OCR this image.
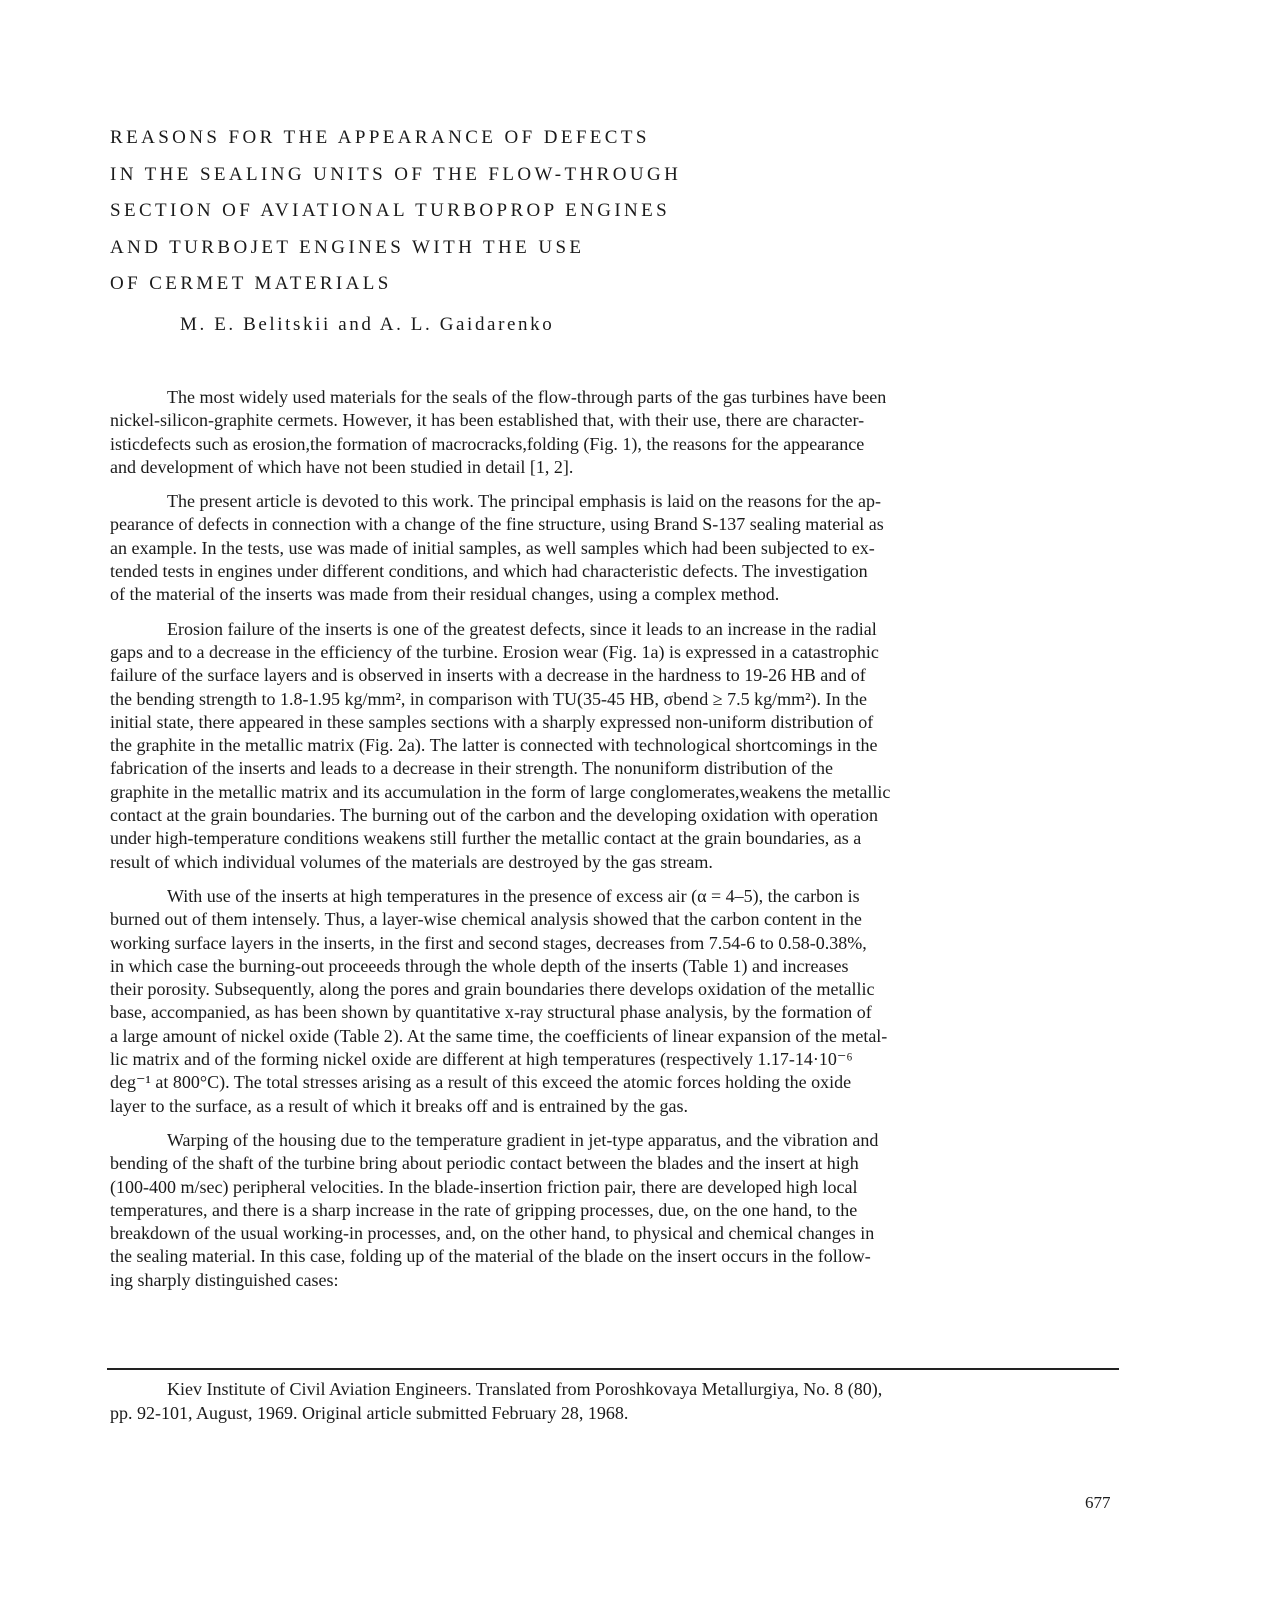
REASONS FOR THE APPEARANCE OF DEFECTS
IN THE SEALING UNITS OF THE FLOW-THROUGH
SECTION OF AVIATIONAL TURBOPROP ENGINES
AND TURBOJET ENGINES WITH THE USE
OF CERMET MATERIALS
M. E. Belitskii and A. L. Gaidarenko

The most widely used materials for the seals of the flow-through parts of the gas turbines have been
nickel-silicon-graphite cermets. However, it has been established that, with their use, there are character-
isticdefects such as erosion,the formation of macrocracks,folding (Fig. 1), the reasons for the appearance
and development of which have not been studied in detail [1, 2].

The present article is devoted to this work. The principal emphasis is laid on the reasons for the ap-
pearance of defects in connection with a change of the fine structure, using Brand S-137 sealing material as
an example. In the tests, use was made of initial samples, as well samples which had been subjected to ex-
tended tests in engines under different conditions, and which had characteristic defects. The investigation
of the material of the inserts was made from their residual changes, using a complex method.

Erosion failure of the inserts is one of the greatest defects, since it leads to an increase in the radial
gaps and to a decrease in the efficiency of the turbine. Erosion wear (Fig. 1a) is expressed in a catastrophic
failure of the surface layers and is observed in inserts with a decrease in the hardness to 19-26 HB and of
the bending strength to 1.8-1.95 kg/mm², in comparison with TU(35-45 HB, σbend ≥ 7.5 kg/mm²). In the
initial state, there appeared in these samples sections with a sharply expressed non-uniform distribution of
the graphite in the metallic matrix (Fig. 2a). The latter is connected with technological shortcomings in the
fabrication of the inserts and leads to a decrease in their strength. The nonuniform distribution of the
graphite in the metallic matrix and its accumulation in the form of large conglomerates,weakens the metallic
contact at the grain boundaries. The burning out of the carbon and the developing oxidation with operation
under high-temperature conditions weakens still further the metallic contact at the grain boundaries, as a
result of which individual volumes of the materials are destroyed by the gas stream.

With use of the inserts at high temperatures in the presence of excess air (α = 4–5), the carbon is
burned out of them intensely. Thus, a layer-wise chemical analysis showed that the carbon content in the
working surface layers in the inserts, in the first and second stages, decreases from 7.54-6 to 0.58-0.38%,
in which case the burning-out proceeeds through the whole depth of the inserts (Table 1) and increases
their porosity. Subsequently, along the pores and grain boundaries there develops oxidation of the metallic
base, accompanied, as has been shown by quantitative x-ray structural phase analysis, by the formation of
a large amount of nickel oxide (Table 2). At the same time, the coefficients of linear expansion of the metal-
lic matrix and of the forming nickel oxide are different at high temperatures (respectively 1.17-14·10⁻⁶
deg⁻¹ at 800°C). The total stresses arising as a result of this exceed the atomic forces holding the oxide
layer to the surface, as a result of which it breaks off and is entrained by the gas.

Warping of the housing due to the temperature gradient in jet-type apparatus, and the vibration and
bending of the shaft of the turbine bring about periodic contact between the blades and the insert at high
(100-400 m/sec) peripheral velocities. In the blade-insertion friction pair, there are developed high local
temperatures, and there is a sharp increase in the rate of gripping processes, due, on the one hand, to the
breakdown of the usual working-in processes, and, on the other hand, to physical and chemical changes in
the sealing material. In this case, folding up of the material of the blade on the insert occurs in the follow-
ing sharply distinguished cases:

Kiev Institute of Civil Aviation Engineers. Translated from Poroshkovaya Metallurgiya, No. 8 (80),
pp. 92-101, August, 1969. Original article submitted February 28, 1968.
677
